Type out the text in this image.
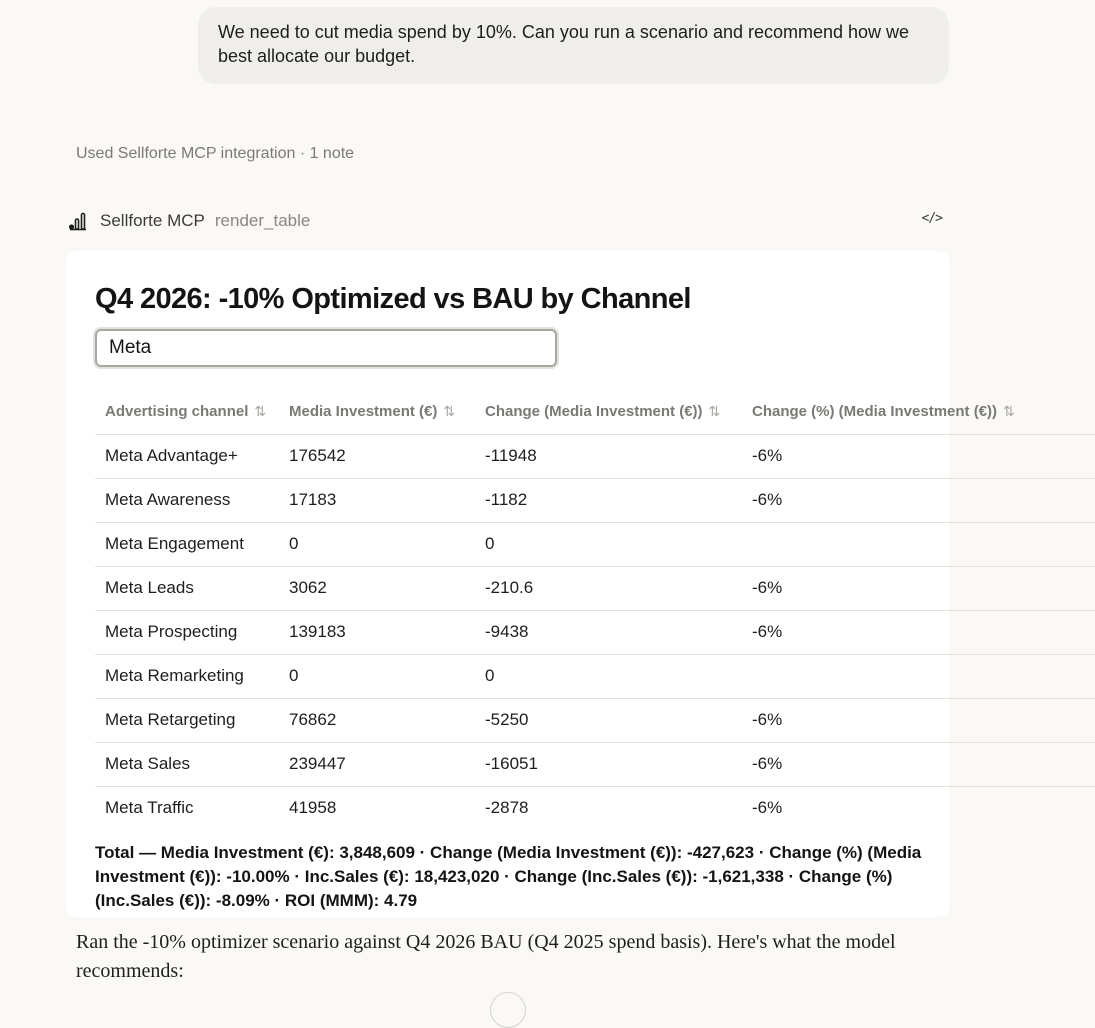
We need to cut media spend by 10%. Can you run a scenario and recommend how we best allocate our budget.
Used Sellforte MCP integration · 1 note
Sellforte MCP render_table	</>
Q4 2026: -10% Optimized vs BAU by Channel
Meta
Advertising channel ⇅	Media Investment (€) ⇅	Change (Media Investment (€)) ⇅	Change (%) (Media Investment (€)) ⇅
Meta Advantage+	176542	-11948	-6%
Meta Awareness	17183	-1182	-6%
Meta Engagement	0	0	
Meta Leads	3062	-210.6	-6%
Meta Prospecting	139183	-9438	-6%
Meta Remarketing	0	0	
Meta Retargeting	76862	-5250	-6%
Meta Sales	239447	-16051	-6%
Meta Traffic	41958	-2878	-6%
Total — Media Investment (€): 3,848,609 · Change (Media Investment (€)): -427,623 · Change (%) (Media Investment (€)): -10.00% · Inc.Sales (€): 18,423,020 · Change (Inc.Sales (€)): -1,621,338 · Change (%) (Inc.Sales (€)): -8.09% · ROI (MMM): 4.79
Ran the -10% optimizer scenario against Q4 2026 BAU (Q4 2025 spend basis). Here's what the model recommends:
